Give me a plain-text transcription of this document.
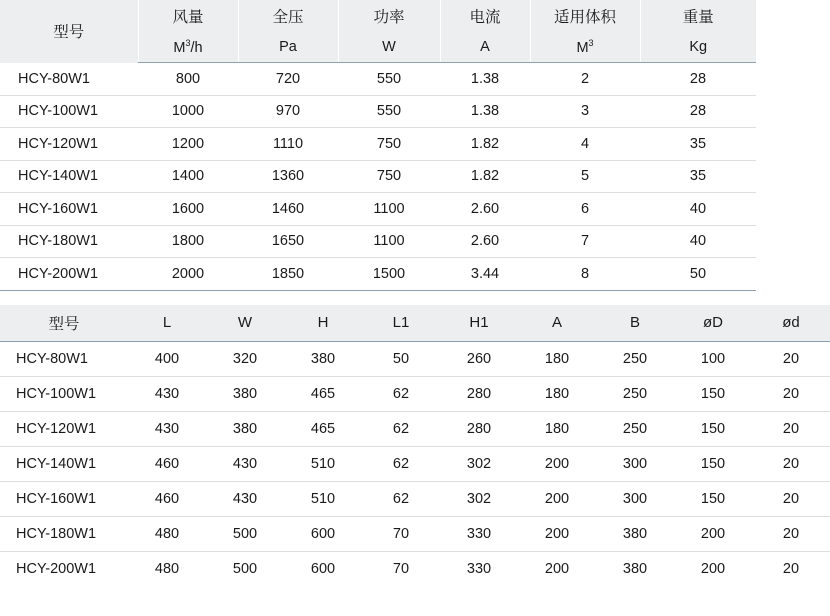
型号	风量	全压	功率	电流	适用体积	重量
	$M^3/h$	Pa	W	A	$M^3$	Kg
HCY-80W1	800	720	550	1.38	2	28
HCY-100W1	1000	970	550	1.38	3	28
HCY-120W1	1200	1110	750	1.82	4	35
HCY-140W1	1400	1360	750	1.82	5	35
HCY-160W1	1600	1460	1100	2.60	6	40
HCY-180W1	1800	1650	1100	2.60	7	40
HCY-200W1	2000	1850	1500	3.44	8	50
型号	L	W	H	L1	H1	A	B	øD	ød
HCY-80W1	400	320	380	50	260	180	250	100	20
HCY-100W1	430	380	465	62	280	180	250	150	20
HCY-120W1	430	380	465	62	280	180	250	150	20
HCY-140W1	460	430	510	62	302	200	300	150	20
HCY-160W1	460	430	510	62	302	200	300	150	20
HCY-180W1	480	500	600	70	330	200	380	200	20
HCY-200W1	480	500	600	70	330	200	380	200	20
